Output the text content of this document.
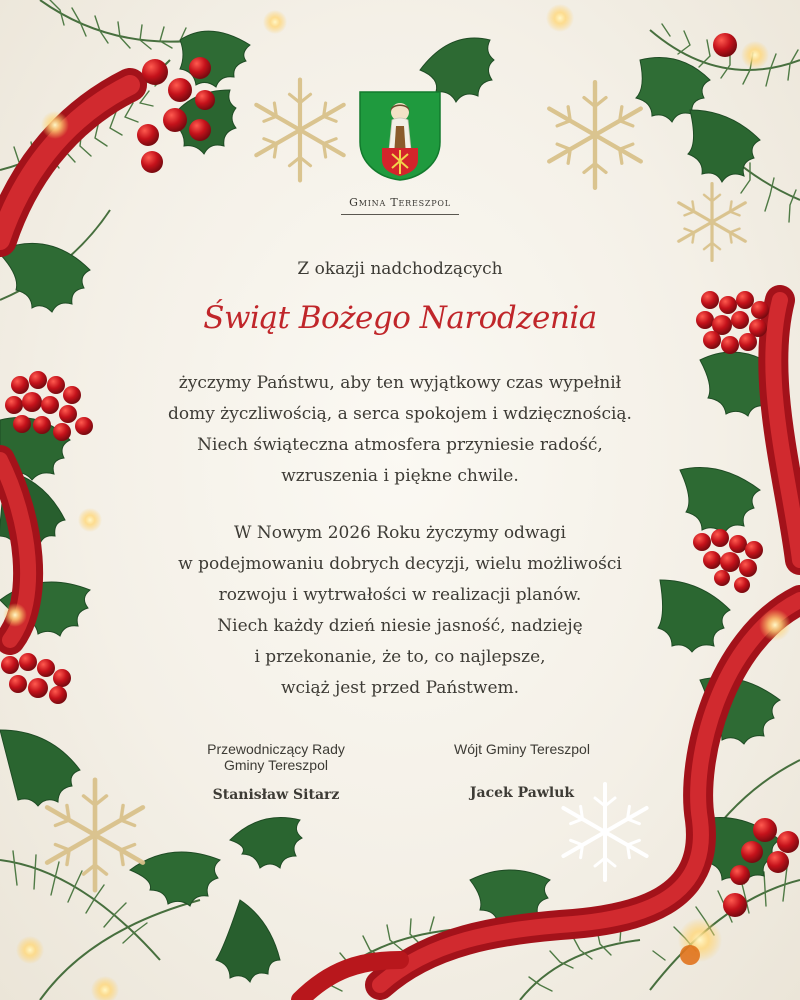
Gmina Tereszpol
Z okazji nadchodzących
Świąt Bożego Narodzenia

życzymy Państwu, aby ten wyjątkowy czas wypełnił

domy życzliwością, a serca spokojem i wdzięcznością.

Niech świąteczna atmosfera przyniesie radość,

wzruszenia i piękne chwile.

W Nowym 2026 Roku życzymy odwagi

w podejmowaniu dobrych decyzji, wielu możliwości

rozwoju i wytrwałości w realizacji planów.

Niech każdy dzień niesie jasność, nadzieję

i przekonanie, że to, co najlepsze,

wciąż jest przed Państwem.

Przewodniczący Rady
Gminy Tereszpol
Stanisław Sitarz
Wójt Gminy Tereszpol
Jacek Pawluk
